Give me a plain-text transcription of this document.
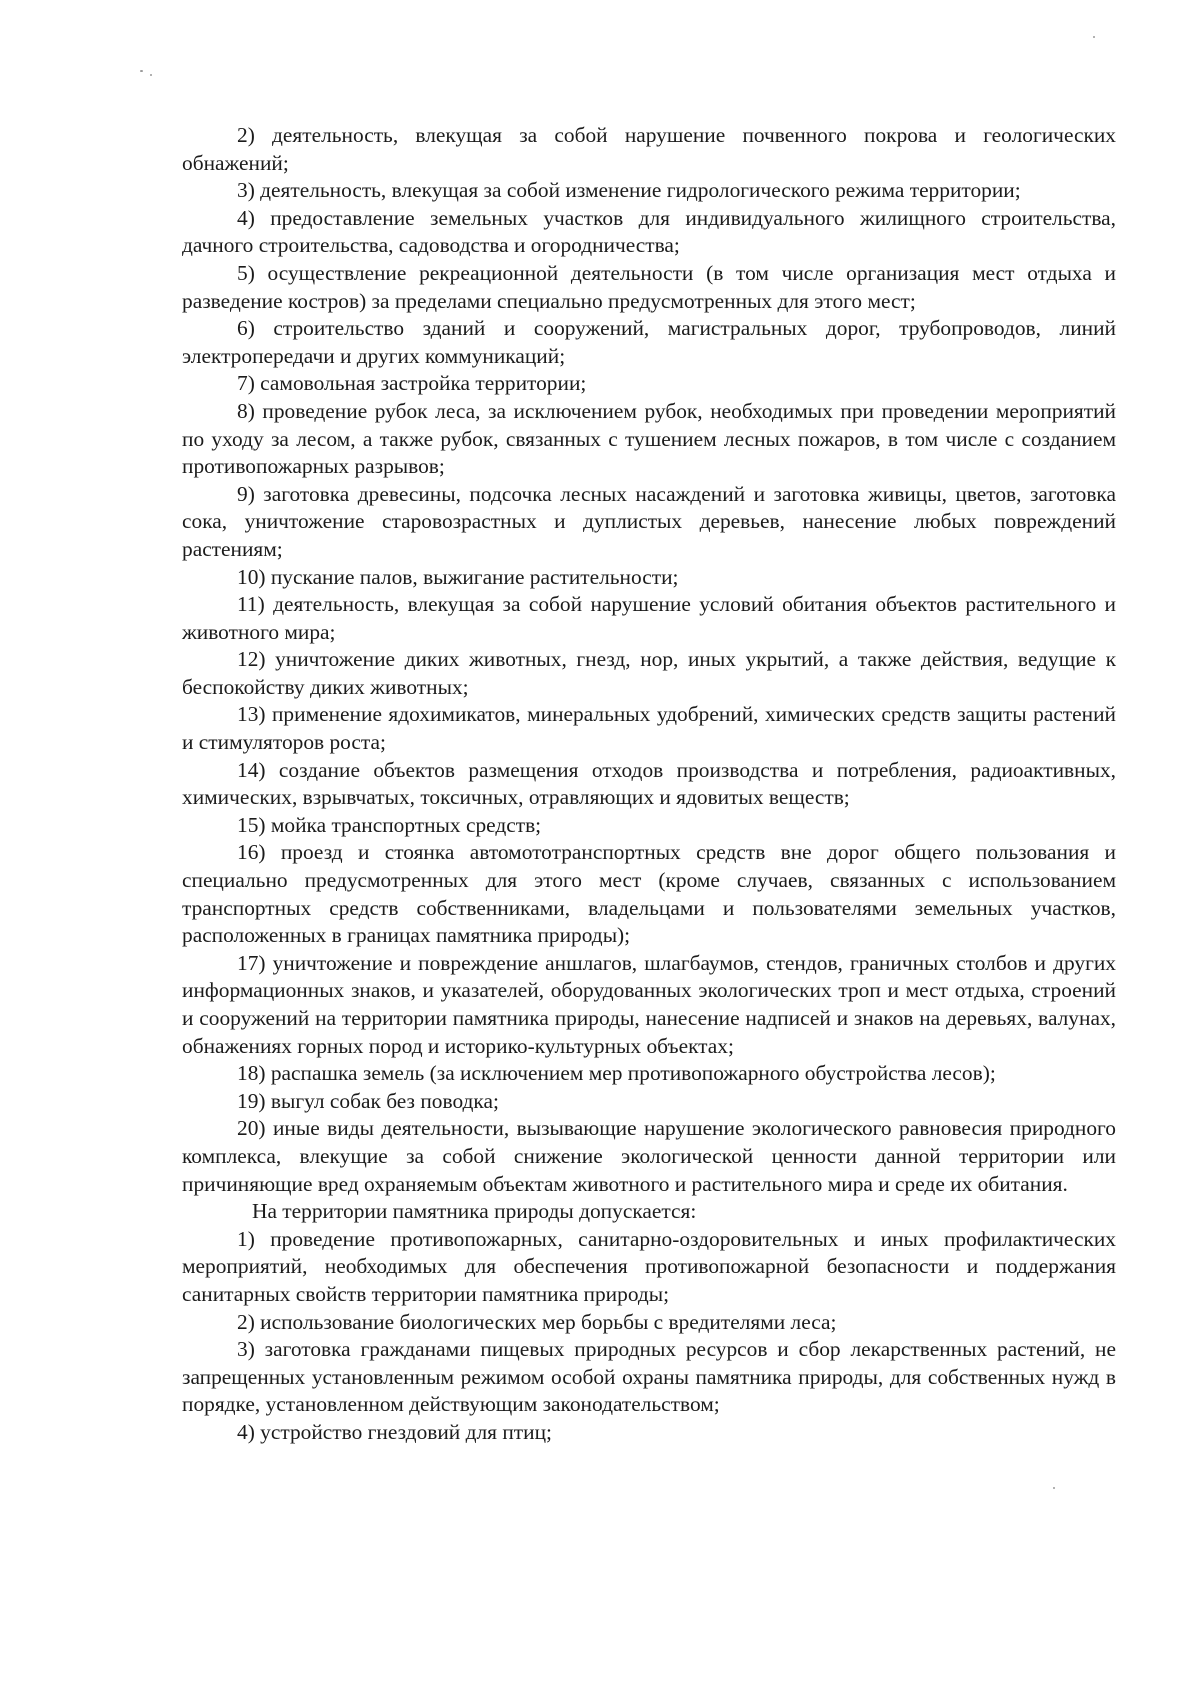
2) деятельность, влекущая за собой нарушение почвенного покрова и геологических обнажений;

3) деятельность, влекущая за собой изменение гидрологического режима территории;

4) предоставление земельных участков для индивидуального жилищного строительства, дачного строительства, садоводства и огородничества;

5) осуществление рекреационной деятельности (в том числе организация мест отдыха и разведение костров) за пределами специально предусмотренных для этого мест;

6) строительство зданий и сооружений, магистральных дорог, трубопроводов, линий электропередачи и других коммуникаций;

7) самовольная застройка территории;

8) проведение рубок леса, за исключением рубок, необходимых при проведении мероприятий по уходу за лесом, а также рубок, связанных с тушением лесных пожаров, в том числе с созданием противопожарных разрывов;

9) заготовка древесины, подсочка лесных насаждений и заготовка живицы, цветов, заготовка сока, уничтожение старовозрастных и дуплистых деревьев, нанесение любых повреждений растениям;

10) пускание палов, выжигание растительности;

11) деятельность, влекущая за собой нарушение условий обитания объектов растительного и животного мира;

12) уничтожение диких животных, гнезд, нор, иных укрытий, а также действия, ведущие к беспокойству диких животных;

13) применение ядохимикатов, минеральных удобрений, химических средств защиты растений и стимуляторов роста;

14) создание объектов размещения отходов производства и потребления, радиоактивных, химических, взрывчатых, токсичных, отравляющих и ядовитых веществ;

15) мойка транспортных средств;

16) проезд и стоянка автомототранспортных средств вне дорог общего пользования и специально предусмотренных для этого мест (кроме случаев, связанных с использованием транспортных средств собственниками, владельцами и пользователями земельных участков, расположенных в границах памятника природы);

17) уничтожение и повреждение аншлагов, шлагбаумов, стендов, граничных столбов и других информационных знаков, и указателей, оборудованных экологических троп и мест отдыха, строений и сооружений на территории памятника природы, нанесение надписей и знаков на деревьях, валунах, обнажениях горных пород и историко-культурных объектах;

18) распашка земель (за исключением мер противопожарного обустройства лесов);

19) выгул собак без поводка;

20) иные виды деятельности, вызывающие нарушение экологического равновесия природного комплекса, влекущие за собой снижение экологической ценности данной территории или причиняющие вред охраняемым объектам животного и растительного мира и среде их обитания.

На территории памятника природы допускается:

1) проведение противопожарных, санитарно-оздоровительных и иных профилактических мероприятий, необходимых для обеспечения противопожарной безопасности и поддержания санитарных свойств территории памятника природы;

2) использование биологических мер борьбы с вредителями леса;

3) заготовка гражданами пищевых природных ресурсов и сбор лекарственных растений, не запрещенных установленным режимом особой охраны памятника природы, для собственных нужд в порядке, установленном действующим законодательством;

4) устройство гнездовий для птиц;
